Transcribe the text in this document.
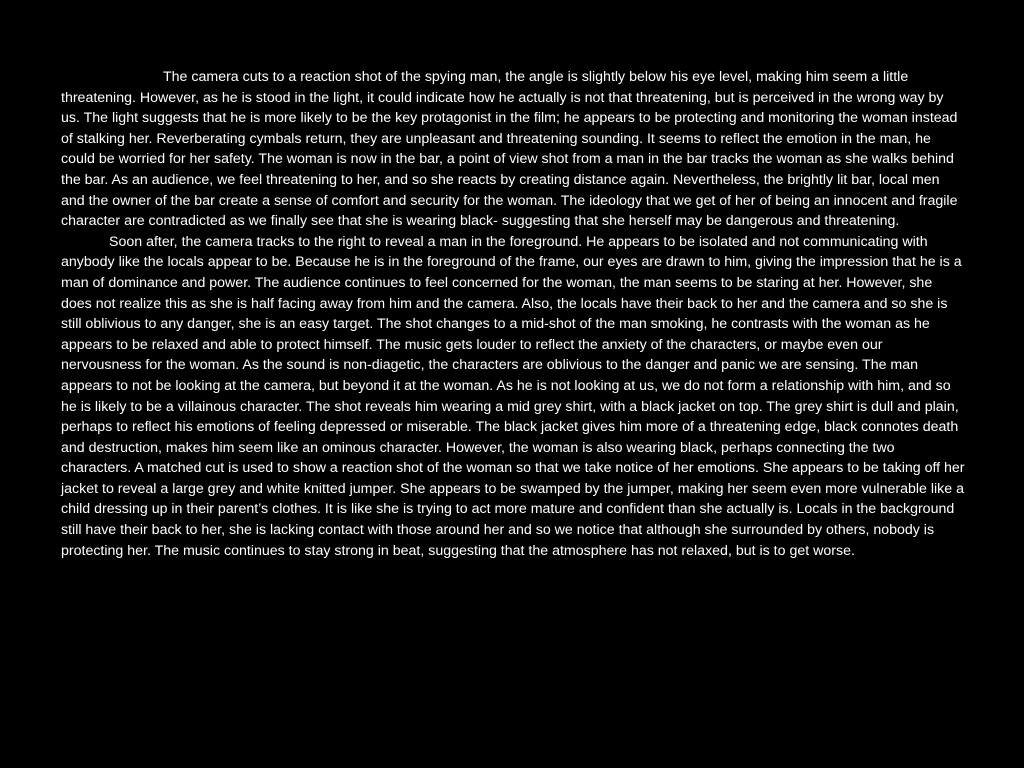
The camera cuts to a reaction shot of the spying man, the angle is slightly below his eye level, making him seem a little threatening. However, as he is stood in the light, it could indicate how he actually is not that threatening, but is perceived in the wrong way by us. The light suggests that he is more likely to be the key protagonist in the film; he appears to be protecting and monitoring the woman instead of stalking her. Reverberating cymbals return, they are unpleasant and threatening sounding. It seems to reflect the emotion in the man, he could be worried for her safety. The woman is now in the bar, a point of view shot from a man in the bar tracks the woman as she walks behind the bar. As an audience, we feel threatening to her, and so she reacts by creating distance again. Nevertheless, the brightly lit bar, local men and the owner of the bar create a sense of comfort and security for the woman. The ideology that we get of her of being an innocent and fragile character are contradicted as we finally see that she is wearing black- suggesting that she herself may be dangerous and threatening.

Soon after, the camera tracks to the right to reveal a man in the foreground. He appears to be isolated and not communicating with anybody like the locals appear to be. Because he is in the foreground of the frame, our eyes are drawn to him, giving the impression that he is a man of dominance and power. The audience continues to feel concerned for the woman, the man seems to be staring at her. However, she does not realize this as she is half facing away from him and the camera. Also, the locals have their back to her and the camera and so she is still oblivious to any danger, she is an easy target. The shot changes to a mid-shot of the man smoking, he contrasts with the woman as he appears to be relaxed and able to protect himself. The music gets louder to reflect the anxiety of the characters, or maybe even our nervousness for the woman. As the sound is non-diagetic, the characters are oblivious to the danger and panic we are sensing. The man appears to not be looking at the camera, but beyond it at the woman. As he is not looking at us, we do not form a relationship with him, and so he is likely to be a villainous character. The shot reveals him wearing a mid grey shirt, with a black jacket on top. The grey shirt is dull and plain, perhaps to reflect his emotions of feeling depressed or miserable. The black jacket gives him more of a threatening edge, black connotes death and destruction, makes him seem like an ominous character. However, the woman is also wearing black, perhaps connecting the two characters. A matched cut is used to show a reaction shot of the woman so that we take notice of her emotions. She appears to be taking off her jacket to reveal a large grey and white knitted jumper. She appears to be swamped by the jumper, making her seem even more vulnerable like a child dressing up in their parent’s clothes. It is like she is trying to act more mature and confident than she actually is. Locals in the background still have their back to her, she is lacking contact with those around her and so we notice that although she surrounded by others, nobody is protecting her. The music continues to stay strong in beat, suggesting that the atmosphere has not relaxed, but is to get worse.
